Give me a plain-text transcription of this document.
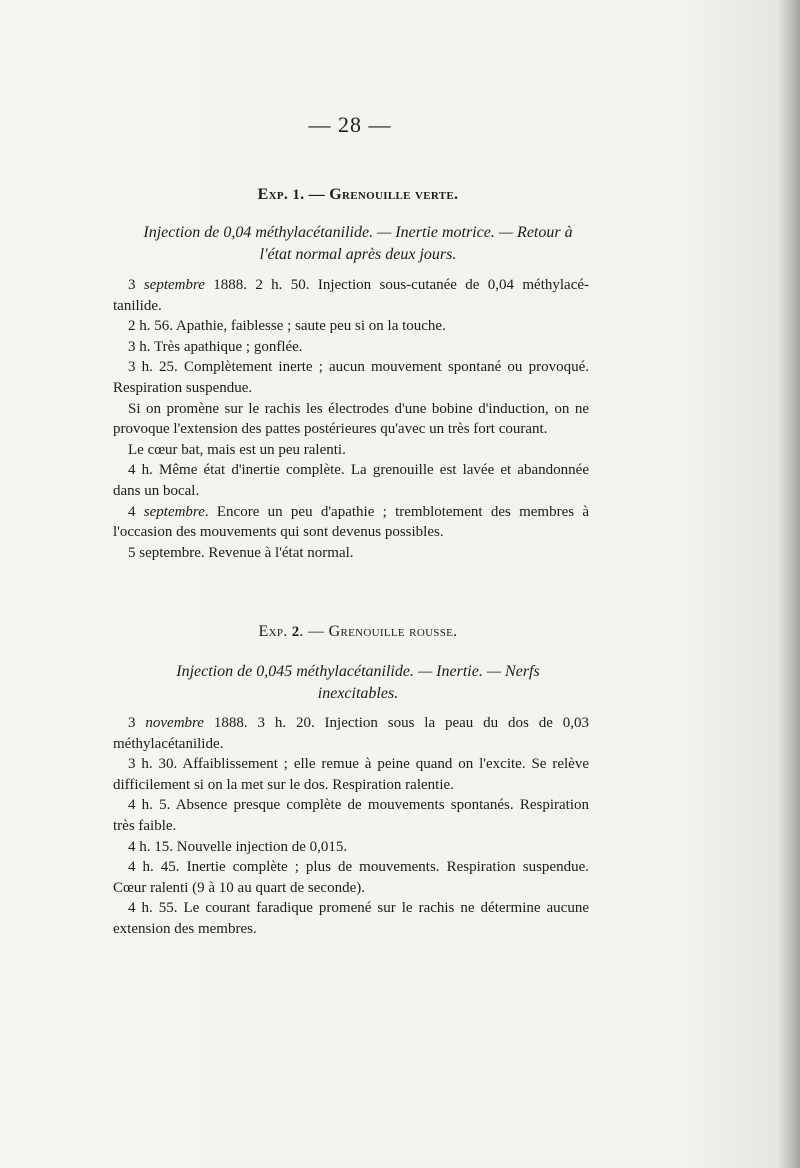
— 28 —
Exp. 1. — Grenouille verte.
Injection de 0,04 méthylacétanilide. — Inertie motrice. — Retour à
l'état normal après deux jours.

3 septembre 1888. 2 h. 50. Injection sous-cutanée de 0,04 méthylacé-tanilide.

2 h. 56. Apathie, faiblesse ; saute peu si on la touche.

3 h. Très apathique ; gonflée.

3 h. 25. Complètement inerte ; aucun mouvement spontané ou provoqué. Respiration suspendue.

Si on promène sur le rachis les électrodes d'une bobine d'induction, on ne provoque l'extension des pattes postérieures qu'avec un très fort courant.

Le cœur bat, mais est un peu ralenti.

4 h. Même état d'inertie complète. La grenouille est lavée et abandonnée dans un bocal.

4 septembre. Encore un peu d'apathie ; tremblotement des membres à l'occasion des mouvements qui sont devenus possibles.

5 septembre. Revenue à l'état normal.

Exp. 2. — Grenouille rousse.
Injection de 0,045 méthylacétanilide. — Inertie. — Nerfs
inexcitables.

3 novembre 1888. 3 h. 20. Injection sous la peau du dos de 0,03 méthylacétanilide.

3 h. 30. Affaiblissement ; elle remue à peine quand on l'excite. Se relève difficilement si on la met sur le dos. Respiration ralentie.

4 h. 5. Absence presque complète de mouvements spontanés. Respiration très faible.

4 h. 15. Nouvelle injection de 0,015.

4 h. 45. Inertie complète ; plus de mouvements. Respiration suspendue. Cœur ralenti (9 à 10 au quart de seconde).

4 h. 55. Le courant faradique promené sur le rachis ne détermine aucune extension des membres.
